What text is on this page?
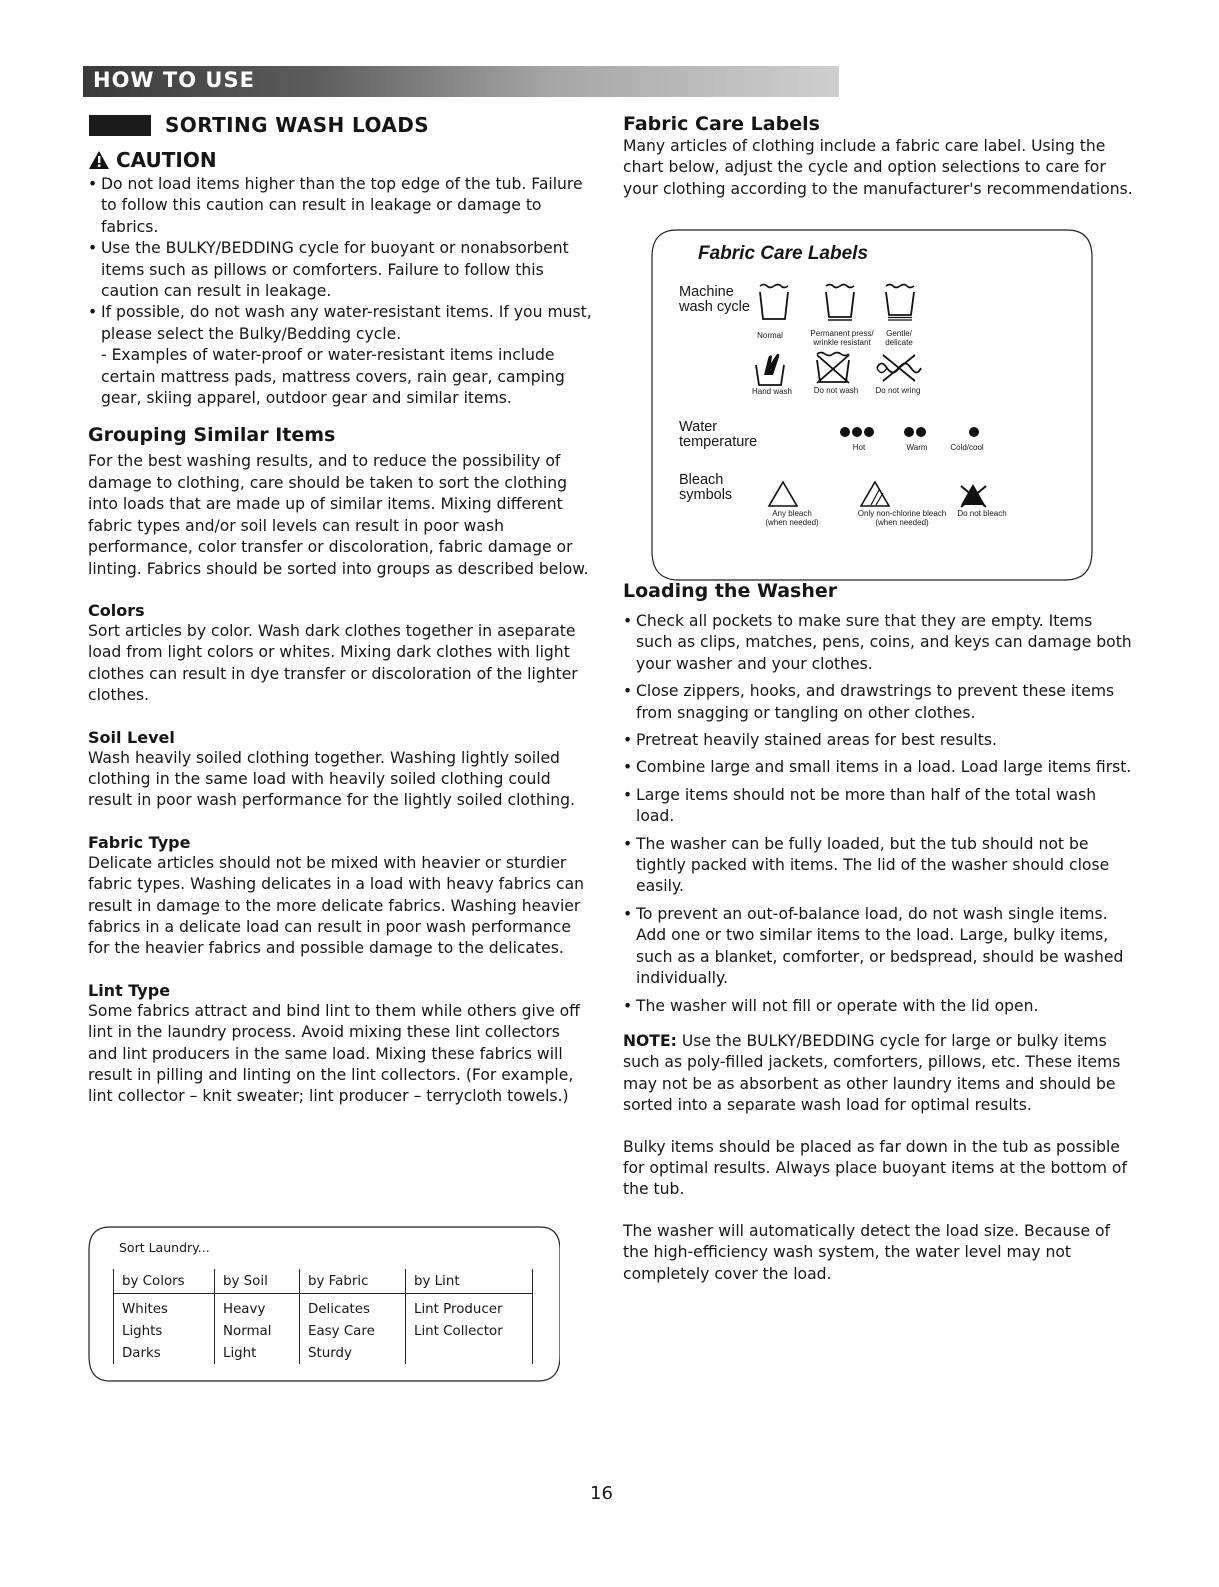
HOW TO USE
SORTING WASH LOADS
CAUTION
• Do not load items higher than the top edge of the tub. Failure to follow this caution can result in leakage or damage to fabrics.
• Use the BULKY/BEDDING cycle for buoyant or nonabsorbent items such as pillows or comforters. Failure to follow this caution can result in leakage.
• If possible, do not wash any water-resistant items. If you must, please select the Bulky/Bedding cycle.
- Examples of water-proof or water-resistant items include certain mattress pads, mattress covers, rain gear, camping gear, skiing apparel, outdoor gear and similar items.
Grouping Similar Items

For the best washing results, and to reduce the possibility of damage to clothing, care should be taken to sort the clothing into loads that are made up of similar items. Mixing different fabric types and/or soil levels can result in poor wash performance, color transfer or discoloration, fabric damage or linting. Fabrics should be sorted into groups as described below.

Colors

Sort articles by color. Wash dark clothes together in aseparate load from light colors or whites. Mixing dark clothes with light clothes can result in dye transfer or discoloration of the lighter clothes.

Soil Level

Wash heavily soiled clothing together. Washing lightly soiled clothing in the same load with heavily soiled clothing could result in poor wash performance for the lightly soiled clothing.

Fabric Type

Delicate articles should not be mixed with heavier or sturdier fabric types. Washing delicates in a load with heavy fabrics can result in damage to the more delicate fabrics. Washing heavier fabrics in a delicate load can result in poor wash performance for the heavier fabrics and possible damage to the delicates.

Lint Type

Some fabrics attract and bind lint to them while others give off lint in the laundry process. Avoid mixing these lint collectors and lint producers in the same load. Mixing these fabrics will result in pilling and linting on the lint collectors. (For example, lint collector – knit sweater; lint producer – terrycloth towels.)

Sort Laundry...
by Colors	by Soil	by Fabric	by Lint
Whites	Heavy	Delicates	Lint Producer
Lights	Normal	Easy Care	Lint Collector
Darks	Light	Sturdy	
Fabric Care Labels

Many articles of clothing include a fabric care label. Using the chart below, adjust the cycle and option selections to care for your clothing according to the manufacturer's recommendations.

Fabric Care Labels
Machine wash cycle
Normal	Permanent press/ wrinkle resistant
Gentle/ delicate
Hand wash	Do not wash	Do not wring
Water temperature	Hot	Warm	Cold/cool
Bleach symbols
Any bleach (when needed)
Only non-chlorine bleach (when needed)
Do not bleach
Loading the Washer
• Check all pockets to make sure that they are empty. Items such as clips, matches, pens, coins, and keys can damage both your washer and your clothes.
• Close zippers, hooks, and drawstrings to prevent these items from snagging or tangling on other clothes.
• Pretreat heavily stained areas for best results.
• Combine large and small items in a load. Load large items first.
• Large items should not be more than half of the total wash load.
• The washer can be fully loaded, but the tub should not be tightly packed with items. The lid of the washer should close easily.
• To prevent an out-of-balance load, do not wash single items. Add one or two similar items to the load. Large, bulky items, such as a blanket, comforter, or bedspread, should be washed individually.
• The washer will not fill or operate with the lid open.

NOTE: Use the BULKY/BEDDING cycle for large or bulky items such as poly-filled jackets, comforters, pillows, etc. These items may not be as absorbent as other laundry items and should be sorted into a separate wash load for optimal results.

Bulky items should be placed as far down in the tub as possible for optimal results. Always place buoyant items at the bottom of the tub.

The washer will automatically detect the load size. Because of the high-efficiency wash system, the water level may not completely cover the load.

16
